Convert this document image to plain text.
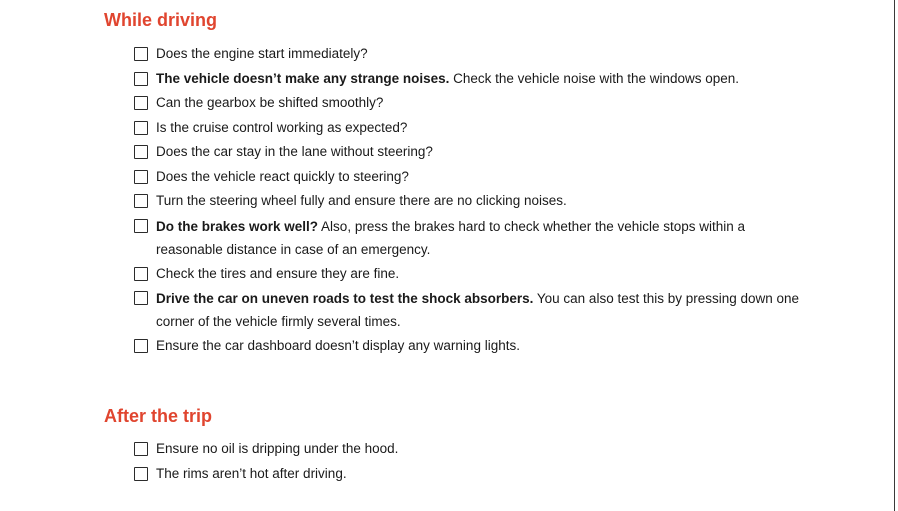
While driving
Does the engine start immediately?
The vehicle doesn’t make any strange noises. Check the vehicle noise with the windows open.
Can the gearbox be shifted smoothly?
Is the cruise control working as expected?
Does the car stay in the lane without steering?
Does the vehicle react quickly to steering?
Turn the steering wheel fully and ensure there are no clicking noises.
Do the brakes work well? Also, press the brakes hard to check whether the vehicle stops within a reasonable distance in case of an emergency.
Check the tires and ensure they are fine.
Drive the car on uneven roads to test the shock absorbers. You can also test this by pressing down one corner of the vehicle firmly several times.
Ensure the car dashboard doesn’t display any warning lights.
After the trip
Ensure no oil is dripping under the hood.
The rims aren’t hot after driving.
